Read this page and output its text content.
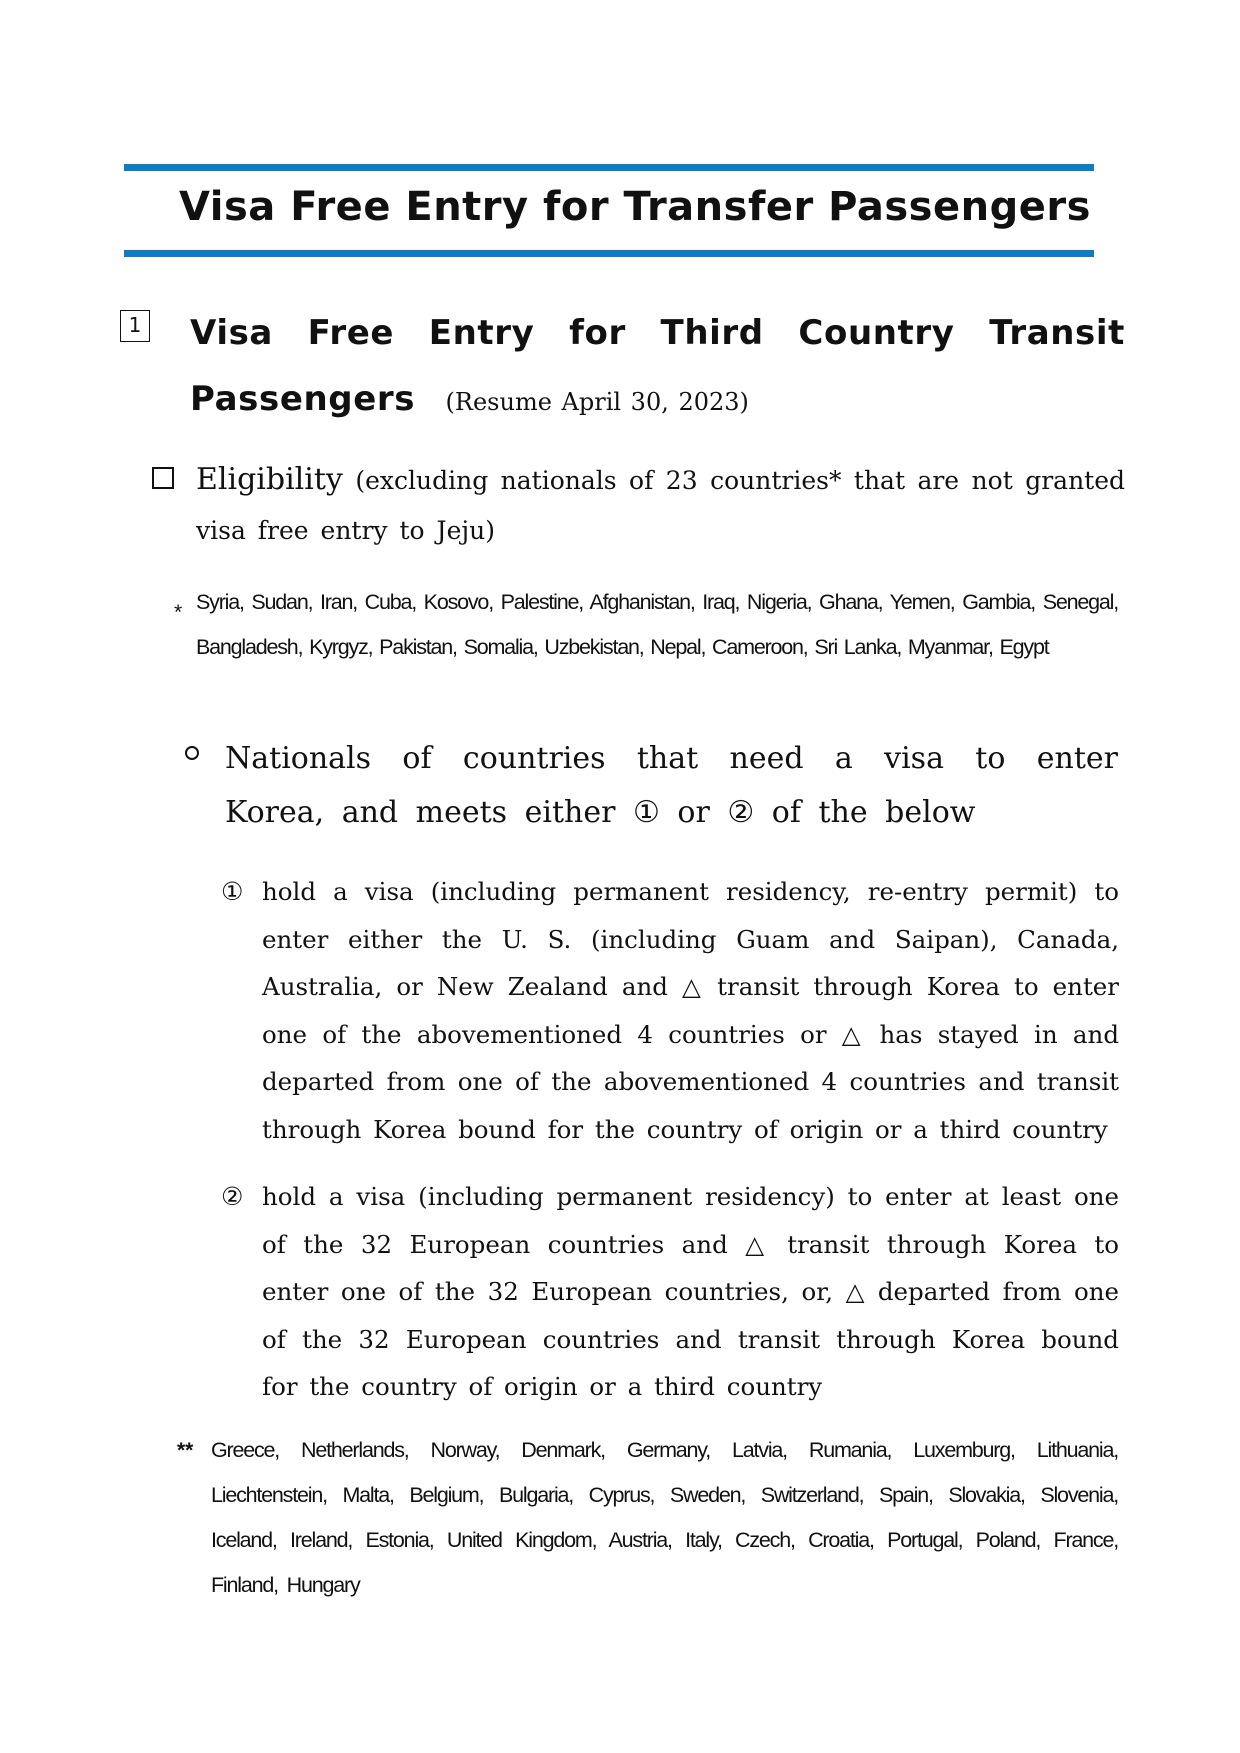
Visa Free Entry for Transfer Passengers
1 Visa Free Entry for Third Country Transit Passengers (Resume April 30, 2023)

Eligibility (excluding nationals of 23 countries* that are not granted visa free entry to Jeju)

* Syria, Sudan, Iran, Cuba, Kosovo, Palestine, Afghanistan, Iraq, Nigeria, Ghana, Yemen, Gambia, Senegal, Bangladesh, Kyrgyz, Pakistan, Somalia, Uzbekistan, Nepal, Cameroon, Sri Lanka, Myanmar, Egypt

Nationals of countries that need a visa to enter Korea, and meets either ① or ② of the below

① hold a visa (including permanent residency, re-entry permit) to enter either the U. S. (including Guam and Saipan), Canada, Australia, or New Zealand and △ transit through Korea to enter one of the abovementioned 4 countries or △ has stayed in and departed from one of the abovementioned 4 countries and transit through Korea bound for the country of origin or a third country

② hold a visa (including permanent residency) to enter at least one of the 32 European countries and △ transit through Korea to enter one of the 32 European countries, or, △ departed from one of the 32 European countries and transit through Korea bound for the country of origin or a third country

** Greece, Netherlands, Norway, Denmark, Germany, Latvia, Rumania, Luxemburg, Lithuania, Liechtenstein, Malta, Belgium, Bulgaria, Cyprus, Sweden, Switzerland, Spain, Slovakia, Slovenia, Iceland, Ireland, Estonia, United Kingdom, Austria, Italy, Czech, Croatia, Portugal, Poland, France, Finland, Hungary
